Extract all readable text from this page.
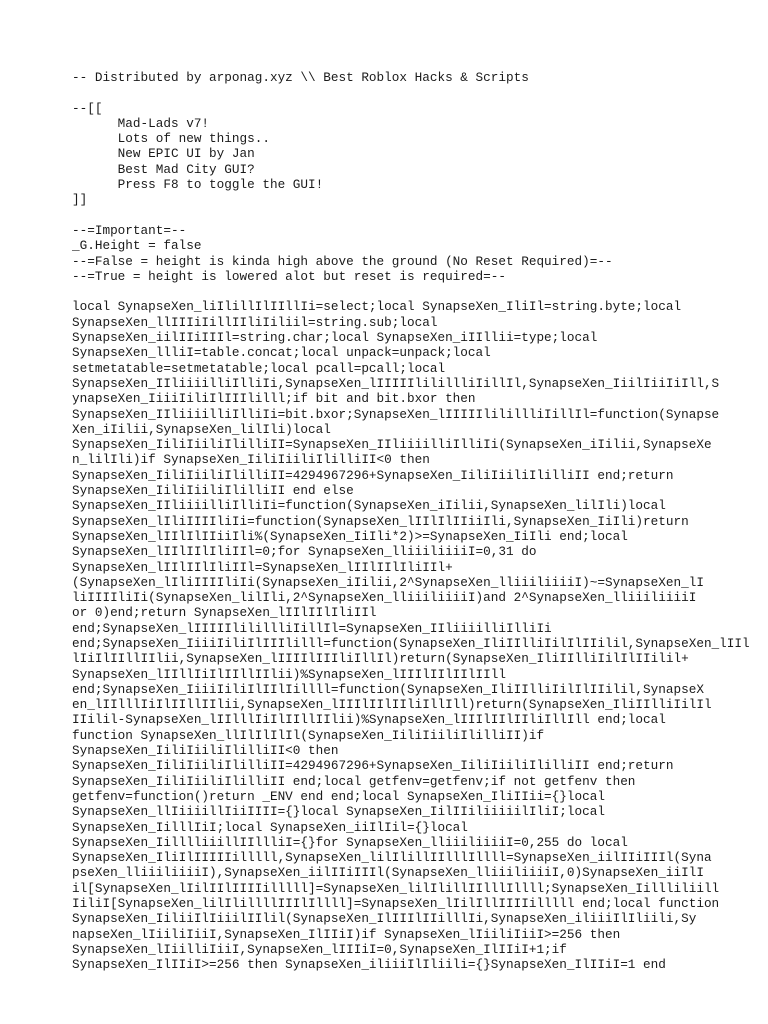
-- Distributed by arponag.xyz \\ Best Roblox Hacks & Scripts
--[[
Mad-Lads v7!
Lots of new things..
New EPIC UI by Jan
Best Mad City GUI?
Press F8 to toggle the GUI!
]]
--=Important=--
_G.Height = false
--=False = height is kinda high above the ground (No Reset Required)=--
--=True = height is lowered alot but reset is required=--
local SynapseXen_liIlillIlIIllIi=select;local SynapseXen_IliIl=string.byte;local
SynapseXen_llIIIiIillIIliIiliil=string.sub;local
SynapseXen_iilIIiIIIl=string.char;local SynapseXen_iIIllii=type;local
SynapseXen_llliI=table.concat;local unpack=unpack;local
setmetatable=setmetatable;local pcall=pcall;local
SynapseXen_IIliiiilliIlliIi,SynapseXen_lIIIIIlilillliIillIl,SynapseXen_IiilIiiIiIll,S
ynapseXen_IiiiIiliIlIIIlilll;if bit and bit.bxor then
SynapseXen_IIliiiilliIlliIi=bit.bxor;SynapseXen_lIIIIIlilillliIillIl=function(Synapse
Xen_iIilii,SynapseXen_lilIli)local
SynapseXen_IiliIiiliIlilliII=SynapseXen_IIliiiilliIlliIi(SynapseXen_iIilii,SynapseXe
n_lilIli)if SynapseXen_IiliIiiliIlilliII<0 then
SynapseXen_IiliIiiliIlilliII=4294967296+SynapseXen_IiliIiiliIlilliII end;return
SynapseXen_IiliIiiliIlilliII end else
SynapseXen_IIliiiilliIlliIi=function(SynapseXen_iIilii,SynapseXen_lilIli)local
SynapseXen_lIliIIIIliIi=function(SynapseXen_lIIlIlIIiiIli,SynapseXen_IiIli)return
SynapseXen_lIIlIlIIiiIli%(SynapseXen_IiIli*2)>=SynapseXen_IiIli end;local
SynapseXen_lIIlIIlIliIIl=0;for SynapseXen_lliiiliiiiI=0,31 do
SynapseXen_lIIlIIlIliIIl=SynapseXen_lIIlIIlIliIIl+
(SynapseXen_lIliIIIIliIi(SynapseXen_iIilii,2^SynapseXen_lliiiliiiiI)~=SynapseXen_lI
liIIIIliIi(SynapseXen_lilIli,2^SynapseXen_lliiiliiiiI)and 2^SynapseXen_lliiiliiiiI
or 0)end;return SynapseXen_lIIlIIlIliIIl
end;SynapseXen_lIIIIIlilillliIillIl=SynapseXen_IIliiiilliIlliIi
end;SynapseXen_IiiiIiliIlIIIlilll=function(SynapseXen_IliIIlliIilIlIIilil,SynapseXen_lIIl
lIiIlIIllIIlii,SynapseXen_lIIIIlIIIliIllIl)return(SynapseXen_IliIIlliIilIlIIilil+
SynapseXen_lIIllIiIlIIllIIlii)%SynapseXen_lIIIlIIlIIlIIll
end;SynapseXen_IiiiIiliIlIIlIillll=function(SynapseXen_IliIIlliIilIlIIilil,SynapseX
en_lIIlllIiIlIIllIIlii,SynapseXen_lIIIlIIlIIliIllIll)return(SynapseXen_IliIIlliIilIl
IIilil-SynapseXen_lIIlllIiIlIIllIIlii)%SynapseXen_lIIIlIIlIIliIllIll end;local
function SynapseXen_llIlIlIlIl(SynapseXen_IiliIiiliIlilliII)if
SynapseXen_IiliIiiliIlilliII<0 then
SynapseXen_IiliIiiliIlilliII=4294967296+SynapseXen_IiliIiiliIlilliII end;return
SynapseXen_IiliIiiliIlilliII end;local getfenv=getfenv;if not getfenv then
getfenv=function()return _ENV end end;local SynapseXen_IliIIii={}local
SynapseXen_llIiiiillIiiIIII={}local SynapseXen_IilIIiliiiiilIliI;local
SynapseXen_IilllIiI;local SynapseXen_iiIlIil={}local
SynapseXen_IilllliiillIIllliI={}for SynapseXen_lliiiliiiiI=0,255 do local
SynapseXen_IliIlIIIIIilllll,SynapseXen_lilIlillIIlllIllll=SynapseXen_iilIIiIIIl(Syna
pseXen_lliiiliiiiI),SynapseXen_iilIIiIIIl(SynapseXen_lliiiliiiiI,0)SynapseXen_iiIlI
il[SynapseXen_lIilIIlIIIIilllll]=SynapseXen_lilIlillIIlllIllll;SynapseXen_Iillliliill
IiliI[SynapseXen_lilIlillllIIIlIllll]=SynapseXen_lIilIllIIIIilllll end;local function
SynapseXen_IiliiIlIiiilIIlil(SynapseXen_IlIIIlIIilllIi,SynapseXen_iliiiIlIliili,Sy
napseXen_lIiiliIiiI,SynapseXen_IlIIiI)if SynapseXen_lIiiliIiiI>=256 then
SynapseXen_lIiilliIiiI,SynapseXen_lIIIiI=0,SynapseXen_IlIIiI+1;if
SynapseXen_IlIIiI>=256 then SynapseXen_iliiiIlIliili={}SynapseXen_IlIIiI=1 end
